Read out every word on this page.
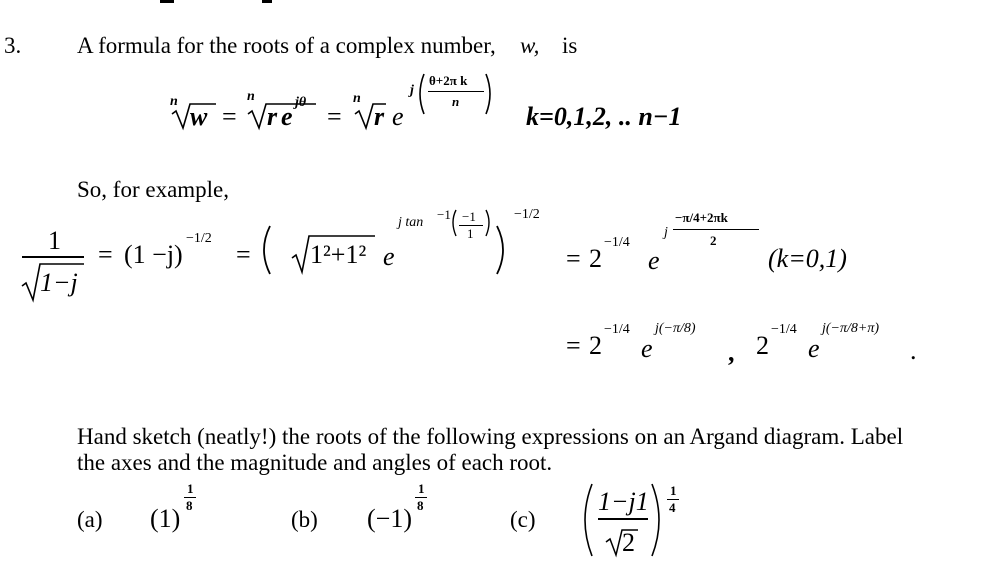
3. A formula for the roots of a complex number, w, is
n
w =
n
r e jθ =
n
r e
j
θ+2π k
n
k=0,1,2, .. n−1
So, for example,
1
1−j
= (1 −j)
−1/2
= 1²+1² e
j tan
−1 −1
1
−1/2
= 2
−1/4
e
j
−π/4+2πk
2
(k=0,1)
= 2
−1/4
e
j(−π/8)
, 2
−1/4
e
j(−π/8+π)
.
Hand sketch (neatly!) the roots of the following expressions on an Argand diagram. Label
the axes and the magnitude and angles of each root.
(a) (1)
1
8
(b) (−1)
1
8
(c)
1−j1
2
1
4
